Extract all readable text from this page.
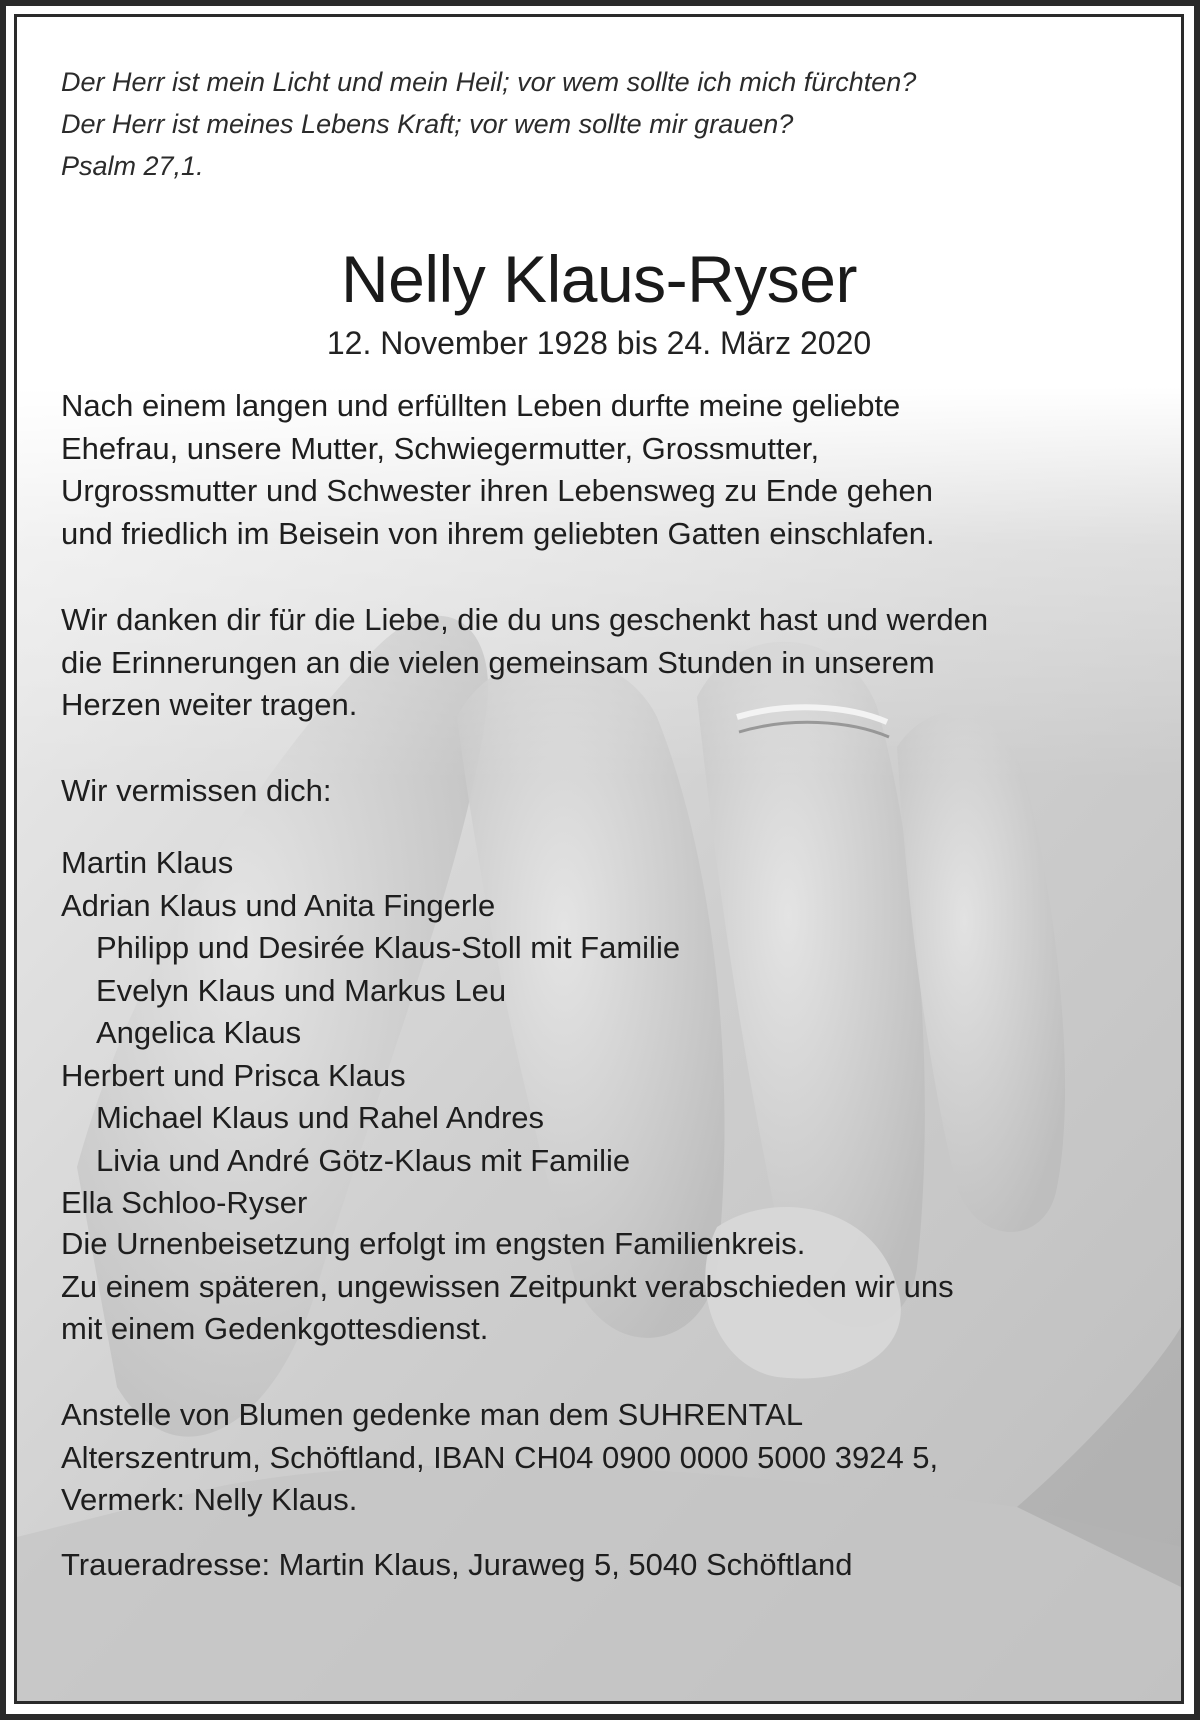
Der Herr ist mein Licht und mein Heil; vor wem sollte ich mich fürchten?
Der Herr ist meines Lebens Kraft; vor wem sollte mir grauen?
Psalm 27,1.
Nelly Klaus-Ryser
12. November 1928 bis 24. März 2020
Nach einem langen und erfüllten Leben durfte meine geliebte
Ehefrau, unsere Mutter, Schwiegermutter, Grossmutter,
Urgrossmutter und Schwester ihren Lebensweg zu Ende gehen
und friedlich im Beisein von ihrem geliebten Gatten einschlafen.
Wir danken dir für die Liebe, die du uns geschenkt hast und werden
die Erinnerungen an die vielen gemeinsam Stunden in unserem
Herzen weiter tragen.
Wir vermissen dich:
Martin Klaus
Adrian Klaus und Anita Fingerle
Philipp und Desirée Klaus-Stoll mit Familie
Evelyn Klaus und Markus Leu
Angelica Klaus
Herbert und Prisca Klaus
Michael Klaus und Rahel Andres
Livia und André Götz-Klaus mit Familie
Ella Schloo-Ryser
Die Urnenbeisetzung erfolgt im engsten Familienkreis.
Zu einem späteren, ungewissen Zeitpunkt verabschieden wir uns
mit einem Gedenkgottesdienst.
Anstelle von Blumen gedenke man dem SUHRENTAL
Alterszentrum, Schöftland, IBAN CH04 0900 0000 5000 3924 5,
Vermerk: Nelly Klaus.
Traueradresse: Martin Klaus, Juraweg 5, 5040 Schöftland
